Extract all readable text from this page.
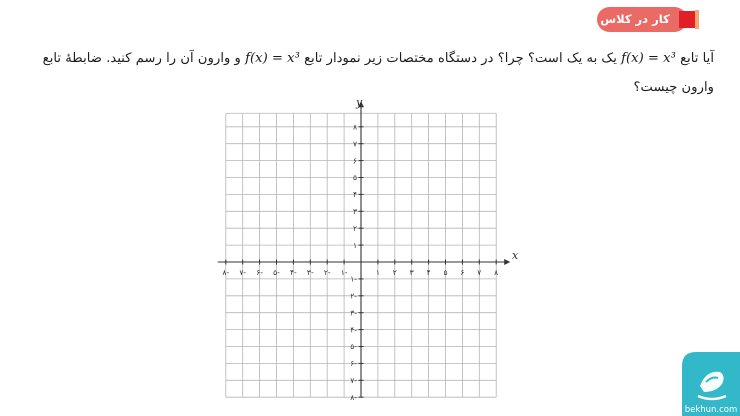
کار در کلاس
آیا تابع f(x) = x³ یک به یک است؟ چرا؟ در دستگاه مختصات زیر نمودار تابع f(x) = x³ و وارون آن را رسم کنید. ضابطهٔ تابع وارون چیست؟
۸- ۷- ۶- ۵- ۴- ۳- ۲- ۱-	۱ ۲ ۳ ۴ ۵ ۶ ۷ ۸
۸-
۷-
۶-
۵-
۴-
۳-
۲-
۱-
۱
۲
۳
۴
۵
۶
۷
۸
x
y
bekhun.com
